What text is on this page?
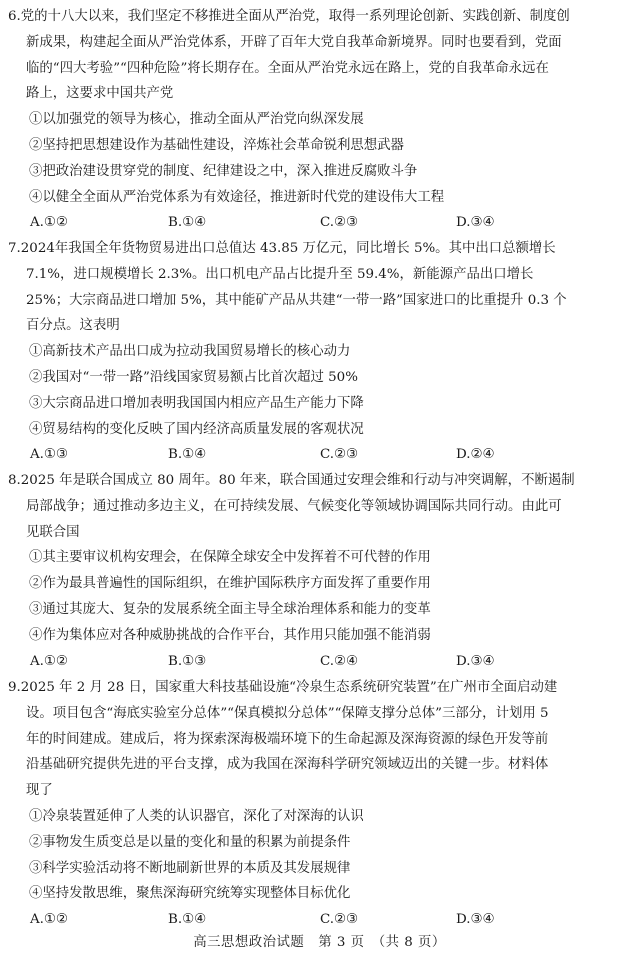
6.党的十八大以来，我们坚定不移推进全面从严治党，取得一系列理论创新、实践创新、制度创
新成果，构建起全面从严治党体系，开辟了百年大党自我革命新境界。同时也要看到，党面
临的“四大考验”“四种危险”将长期存在。全面从严治党永远在路上，党的自我革命永远在
路上，这要求中国共产党
①以加强党的领导为核心，推动全面从严治党向纵深发展
②坚持把思想建设作为基础性建设，淬炼社会革命锐利思想武器
③把政治建设贯穿党的制度、纪律建设之中，深入推进反腐败斗争
④以健全全面从严治党体系为有效途径，推进新时代党的建设伟大工程
A.①②	B.①④	C.②③	D.③④
7.2024年我国全年货物贸易进出口总值达 43.85 万亿元，同比增长 5%。其中出口总额增长
7.1%，进口规模增长 2.3%。出口机电产品占比提升至 59.4%，新能源产品出口增长
25%；大宗商品进口增加 5%，其中能矿产品从共建“一带一路”国家进口的比重提升 0.3 个
百分点。这表明
①高新技术产品出口成为拉动我国贸易增长的核心动力
②我国对“一带一路”沿线国家贸易额占比首次超过 50%
③大宗商品进口增加表明我国国内相应产品生产能力下降
④贸易结构的变化反映了国内经济高质量发展的客观状况
A.①③	B.①④	C.②③	D.②④
8.2025 年是联合国成立 80 周年。80 年来，联合国通过安理会维和行动与冲突调解，不断遏制
局部战争；通过推动多边主义，在可持续发展、气候变化等领域协调国际共同行动。由此可
见联合国
①其主要审议机构安理会，在保障全球安全中发挥着不可代替的作用
②作为最具普遍性的国际组织，在维护国际秩序方面发挥了重要作用
③通过其庞大、复杂的发展系统全面主导全球治理体系和能力的变革
④作为集体应对各种威胁挑战的合作平台，其作用只能加强不能消弱
A.①②	B.①③	C.②④	D.③④
9.2025 年 2 月 28 日，国家重大科技基础设施“冷泉生态系统研究装置”在广州市全面启动建
设。项目包含“海底实验室分总体”“保真模拟分总体”“保障支撑分总体”三部分，计划用 5
年的时间建成。建成后，将为探索深海极端环境下的生命起源及深海资源的绿色开发等前
沿基础研究提供先进的平台支撑，成为我国在深海科学研究领域迈出的关键一步。材料体
现了
①冷泉装置延伸了人类的认识器官，深化了对深海的认识
②事物发生质变总是以量的变化和量的积累为前提条件
③科学实验活动将不断地刷新世界的本质及其发展规律
④坚持发散思维，聚焦深海研究统筹实现整体目标优化
A.①②	B.①④	C.②③	D.③④
高三思想政治试题　第 3 页　（共 8 页）
